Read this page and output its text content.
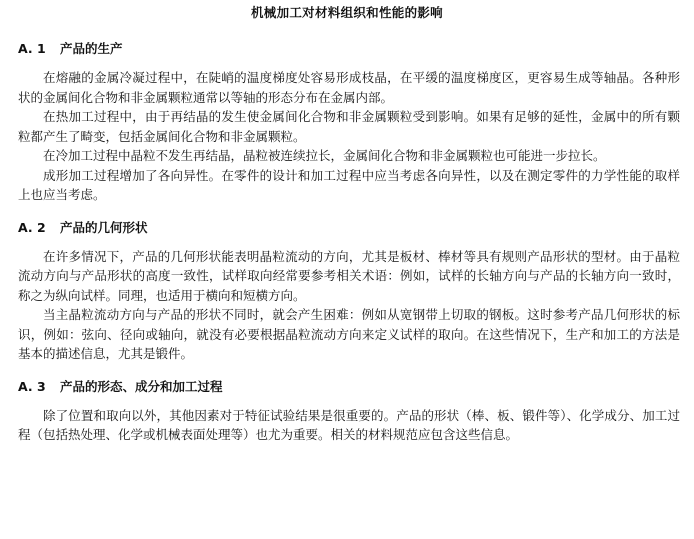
机械加工对材料组织和性能的影响
A. 1 产品的生产

在熔融的金属冷凝过程中，在陡峭的温度梯度处容易形成枝晶，在平缓的温度梯度区，更容易生成等轴晶。各种形状的金属间化合物和非金属颗粒通常以等轴的形态分布在金属内部。

在热加工过程中，由于再结晶的发生使金属间化合物和非金属颗粒受到影响。如果有足够的延性，金属中的所有颗粒都产生了畸变，包括金属间化合物和非金属颗粒。

在冷加工过程中晶粒不发生再结晶，晶粒被连续拉长，金属间化合物和非金属颗粒也可能进一步拉长。

成形加工过程增加了各向异性。在零件的设计和加工过程中应当考虑各向异性，以及在测定零件的力学性能的取样上也应当考虑。

A. 2 产品的几何形状

在许多情况下，产品的几何形状能表明晶粒流动的方向，尤其是板材、棒材等具有规则产品形状的型材。由于晶粒流动方向与产品形状的高度一致性，试样取向经常要参考相关术语：例如，试样的长轴方向与产品的长轴方向一致时，称之为纵向试样。同理，也适用于横向和短横方向。

当主晶粒流动方向与产品的形状不同时，就会产生困难：例如从宽钢带上切取的钢板。这时参考产品几何形状的标识，例如：弦向、径向或轴向，就没有必要根据晶粒流动方向来定义试样的取向。在这些情况下，生产和加工的方法是基本的描述信息，尤其是锻件。

A. 3 产品的形态、成分和加工过程

除了位置和取向以外，其他因素对于特征试验结果是很重要的。产品的形状（棒、板、锻件等）、化学成分、加工过程（包括热处理、化学或机械表面处理等）也尤为重要。相关的材料规范应包含这些信息。
